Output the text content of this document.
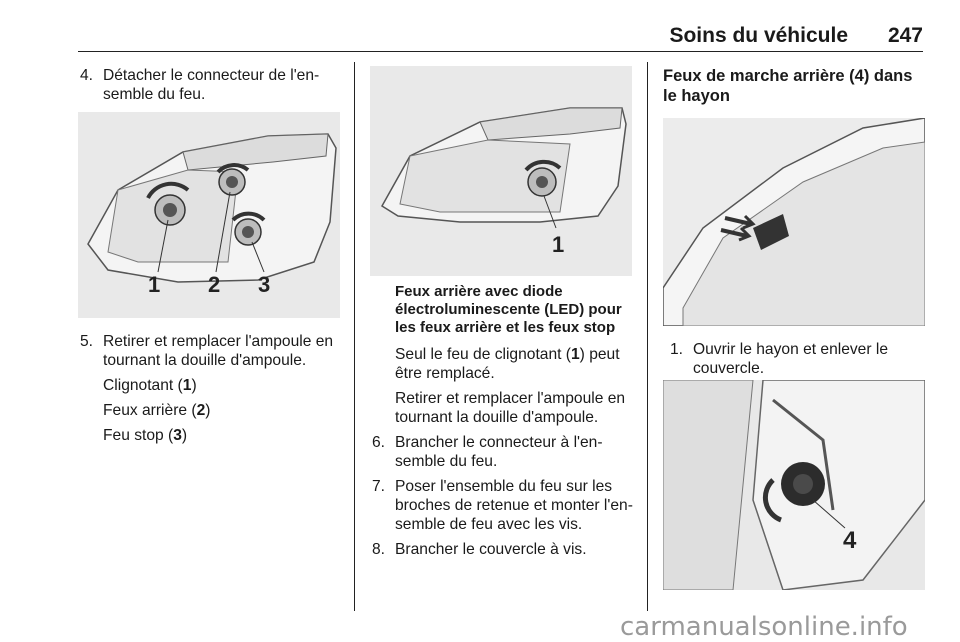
Soins du véhicule 247
4. Détacher le connecteur de l'en-semble du feu.
1 2 3
5. Retirer et remplacer l'ampoule en tournant la douille d'ampoule.
Clignotant (1)
Feux arrière (2)
Feu stop (3)
1
Feux arrière avec diode électroluminescente (LED) pour les feux arrière et les feux stop
Seul le feu de clignotant (1) peut être remplacé.
Retirer et remplacer l'ampoule en tournant la douille d'ampoule.
6. Brancher le connecteur à l'en-semble du feu.
7. Poser l'ensemble du feu sur les broches de retenue et monter l'en-semble de feu avec les vis.
8. Brancher le couvercle à vis.
Feux de marche arrière (4) dans le hayon
1. Ouvrir le hayon et enlever le couvercle.
4
carmanualsonline.info
